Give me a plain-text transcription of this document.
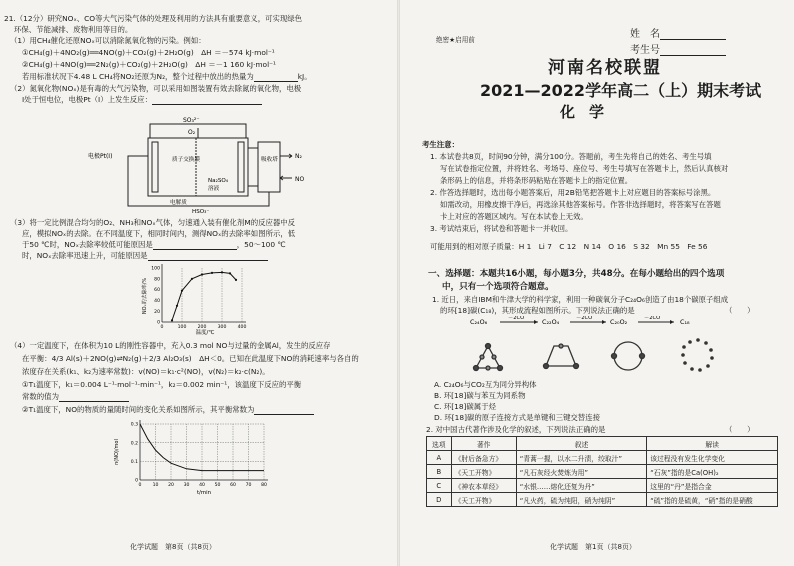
21.（12分）研究NOₓ、CO等大气污染气体的处理及利用的方法具有重要意义，可实现绿色
环保、节能减排、废物利用等目的。
（1）用CH₄催化还原NOₓ可以消除氮氧化物的污染。例如：
①CH₄(g)＋4NO₂(g)══4NO(g)＋CO₂(g)＋2H₂O(g)　ΔH ＝－574 kJ·mol⁻¹
②CH₄(g)＋4NO(g)══2N₂(g)＋CO₂(g)＋2H₂O(g)　ΔH ＝－1 160 kJ·mol⁻¹
若用标准状况下4.48 L CH₄将NO₂还原为N₂，整个过程中放出的热量为	kJ。
（2）氮氧化物(NOₓ)是有毒的大气污染物，可以采用如图装置有效去除氮的氧化物，电极
Ⅰ处于恒电位，电极Pt（Ⅰ）上发生反应：
SO₃²⁻
O₂
电极Pt(Ⅰ)	质子交换膜	吸收塔	N₂
NO
Na₂SO₄
溶液
电解质
HSO₃⁻
（3）将一定比例混合均匀的O₂、NH₃和NOₓ气体，匀速通入装有催化剂M的反应器中反
应，模拟NOₓ的去除。在不同温度下，相同时间内，测得NOₓ的去除率如图所示，低
于50 ℃时，NOₓ去除率较低可能原因是	，50～100 ℃
时，NOₓ去除率迅速上升，可能原因是
NOₓ的去除率/%
温度/℃
0	100 200 300 400
0
20
40
60
80
100
（4）一定温度下，在体积为10 L的刚性容器中，充入0.3 mol NO与过量的金属Al，发生的反应存
在平衡：4/3 Al(s)＋2NO(g)⇌N₂(g)＋2/3 Al₂O₃(s)　ΔH＜0。已知在此温度下NO的消耗速率与各自的
浓度存在关系(k₁、k₂为速率常数)：v(NO)＝k₁·c²(NO)，v(N₂)＝k₂·c(N₂)。
①T₁温度下，k₁＝0.004 L⁻¹·mol⁻¹·min⁻¹，k₂＝0.002 min⁻¹，该温度下反应的平衡
常数的值为
②T₁温度下，NO的物质的量随时间的变化关系如图所示，其平衡常数为
n(NO)/mol
t/min
0 10 20 30 40 50 60 70 80
0
0.1
0.2
0.3
化学试题　第8页（共8页）
绝密★启用前	姓　名
考生号
河南名校联盟
2021—2022学年高二（上）期末考试
化学
考生注意：
1. 本试卷共8页，时间90分钟，满分100分。答题前，考生先将自己的姓名、考生号填
写在试卷指定位置，并将姓名、考场号、座位号、考生号填写在答题卡上，然后认真核对
条形码上的信息，并将条形码粘贴在答题卡上的指定位置。
2. 作答选择题时，选出每小题答案后，用2B铅笔把答题卡上对应题目的答案标号涂黑。
如需改动，用橡皮擦干净后，再选涂其他答案标号。作答非选择题时，将答案写在答题
卡上对应的答题区域内。写在本试卷上无效。
3. 考试结束后，将试卷和答题卡一并收回。
可能用到的相对原子质量：H 1　Li 7　C 12　N 14　O 16　S 32　Mn 55　Fe 56
一、选择题：本题共16小题，每小题3分，共48分。在每小题给出的四个选项
中，只有一个选项符合题意。
1. 近日，来自IBM和牛津大学的科学家，利用一种碳氧分子C₂₄O₆创造了由18个碳原子组成
的环[18]碳(C₁₈)，其形成流程如图所示。下列说法正确的是	（　　）
C₂₄O₆	－2CO	C₂₂O₄	－2CO	C₂₀O₂	－2CO	C₁₈
A. C₂₄O₆与CO₂互为同分异构体
B. 环[18]碳与苯互为同系物
C. 环[18]碳属于烃
D. 环[18]碳的原子连接方式是单键和三键交替连接
2. 对中国古代著作涉及化学的叙述，下列说法正确的是	（　　）
选项	著作	叙述	解读
A	《肘后备急方》	“青蒿一握，以水二升渍，绞取汁”	该过程没有发生化学变化
B	《天工开物》	“凡石灰经火焚炼为用”	“石灰”指的是Ca(OH)₂
C	《神农本草经》	“水银……熔化还复为丹”	这里的“丹”是指合金
D	《天工开物》	“凡火药，硫为纯阳，硝为纯阴”	“硫”指的是硫黄，“硝”指的是硝酸
化学试题　第1页（共8页）
